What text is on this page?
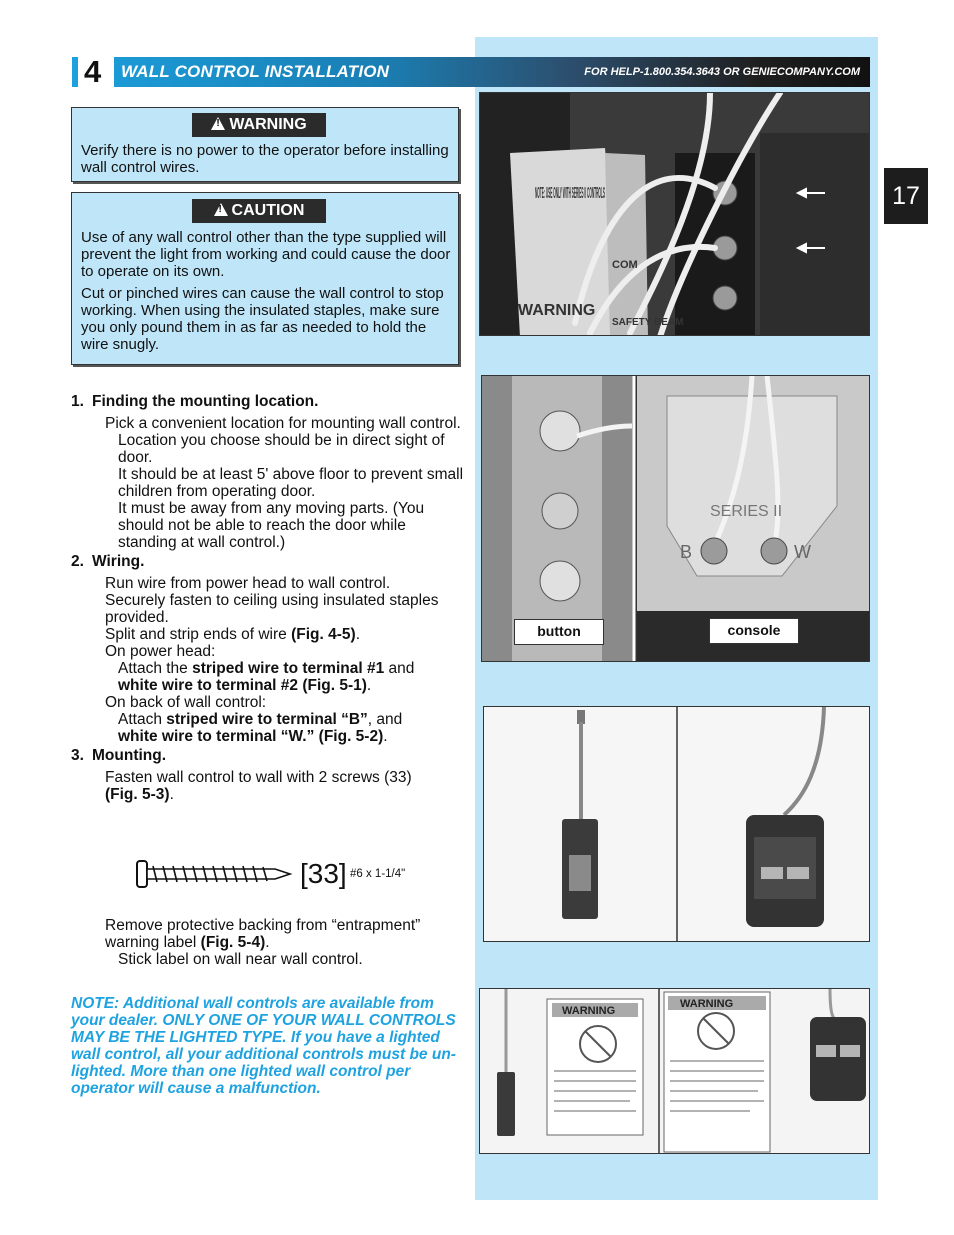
4 WALL CONTROL INSTALLATION	FOR HELP-1.800.354.3643 OR GENIECOMPANY.COM
17
!WARNING

Verify there is no power to the operator before installing wall control wires.

!CAUTION

Use of any wall control other than the type supplied will prevent the light from working and could cause the door to operate on its own.

Cut or pinched wires can cause the wall control to stop working. When using the insulated staples, make sure you only pound them in as far as needed to hold the wire snugly.

1. Finding the mounting location.
Pick a convenient location for mounting wall control.
Location you choose should be in direct sight of door.
It should be at least 5' above floor to prevent small children from operating door.
It must be away from any moving parts. (You should not be able to reach the door while standing at wall control.)
2. Wiring.
Run wire from power head to wall control.
Securely fasten to ceiling using insulated staples provided.
Split and strip ends of wire (Fig. 4-5).
On power head:
Attach the striped wire to terminal #1 and
white wire to terminal #2 (Fig. 5-1).
On back of wall control:
Attach striped wire to terminal “B”, and
white wire to terminal “W.” (Fig. 5-2).
3. Mounting.
Fasten wall control to wall with 2 screws (33)
(Fig. 5-3).
[33] #6 x 1-1/4"
Remove protective backing from “entrapment” warning label (Fig. 5-4).
Stick label on wall near wall control.
NOTE: Additional wall controls are available from your dealer. ONLY ONE OF YOUR WALL CONTROLS MAY BE THE LIGHTED TYPE. If you have a lighted wall control, all your additional controls must be un-lighted. More than one lighted wall control per operator will cause a malfunction.
NOTE: USE ONLY WITH SERIES II CONTROLS
WARNING
SAFETY BEAM
COM
SERIES II
B	W
button	console
WARNING
WARNING
